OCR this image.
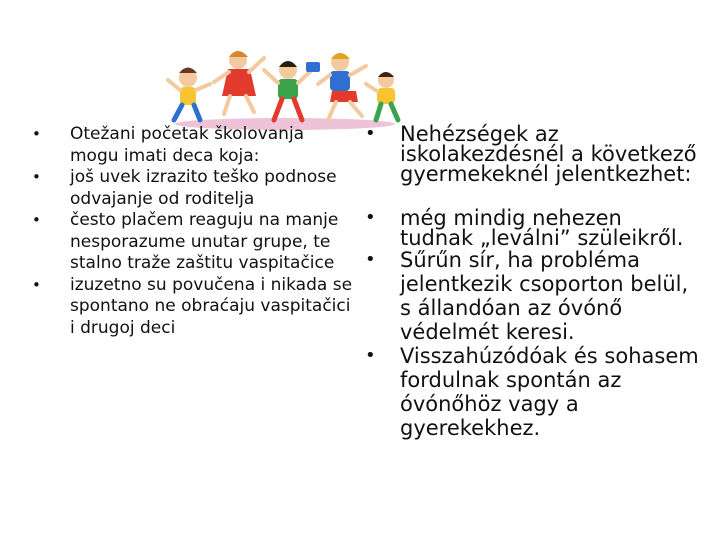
• Otežani početak školovanja mogu imati deca koja:
• još uvek izrazito teško podnose odvajanje od roditelja
• često plačem reaguju na manje nesporazume unutar grupe, te stalno traže zaštitu vaspitačice
• izuzetno su povučena i nikada se spontano ne obraćaju vaspitačici i drugoj deci
• Nehézségek az iskolakezdésnél a következő gyermekeknél jelentkezhet:
• még mindig nehezen tudnak „leválni” szüleikről.
• Sűrűn sír, ha probléma jelentkezik csoporton belül, s állandóan az óvónő védelmét keresi.
• Visszahúzódóak és sohasem fordulnak spontán az óvónőhöz vagy a gyerekekhez.
